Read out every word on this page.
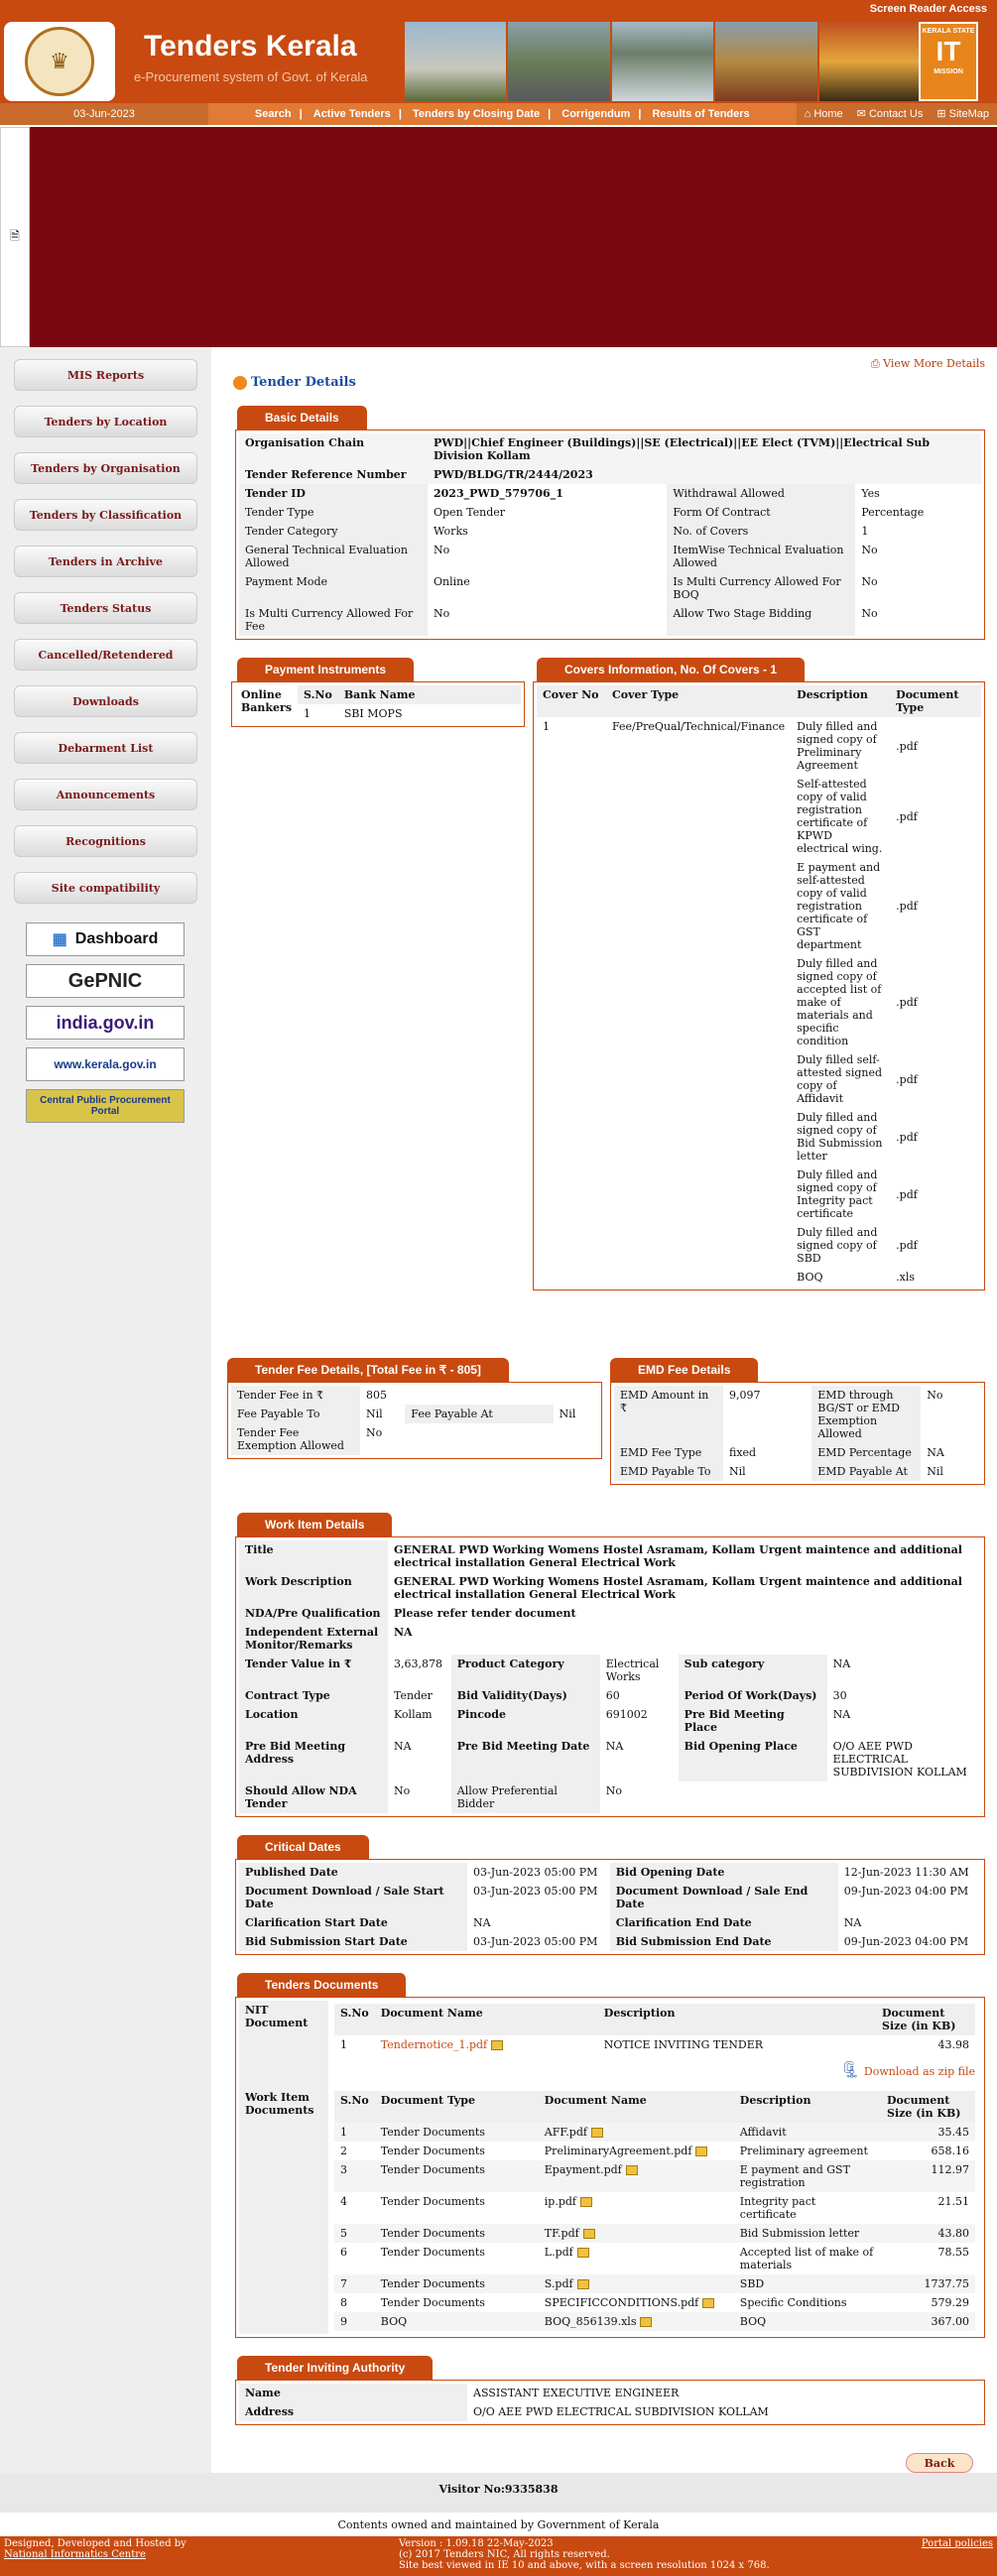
Screen Reader Access
♛	Tenders Kerala
e-Procurement system of Govt. of Kerala
KERALA STATE
IT
MISSION
03-Jun-2023	Search | Active Tenders | Tenders by Closing Date | Corrigendum | Results of Tenders	⌂ Home ✉ Contact Us ⊞ SiteMap
🗎
MIS Reports
Tenders by Location
Tenders by Organisation
Tenders by Classification
Tenders in Archive
Tenders Status
Cancelled/Retendered
Downloads
Debarment List
Announcements
Recognitions
Site compatibility
▦ Dashboard
GePNIC
india.gov.in
www.kerala.gov.in
Central Public Procurement Portal
⎙ View More Details
Tender Details
Basic Details
Organisation Chain	PWD||Chief Engineer (Buildings)||SE (Electrical)||EE Elect (TVM)||Electrical Sub Division Kollam		
Tender Reference Number	PWD/BLDG/TR/2444/2023		
Tender ID	2023_PWD_579706_1	Withdrawal Allowed	Yes
Tender Type	Open Tender	Form Of Contract	Percentage
Tender Category	Works	No. of Covers	1
General Technical Evaluation Allowed	No	ItemWise Technical Evaluation Allowed	No
Payment Mode	Online	Is Multi Currency Allowed For BOQ	No
Is Multi Currency Allowed For Fee	No	Allow Two Stage Bidding	No
Payment Instruments
Online Bankers	S.No	Bank Name
	1	SBI MOPS
Covers Information, No. Of Covers - 1
Cover No	Cover Type	Description	Document Type
1	Fee/PreQual/Technical/Finance	Duly filled and signed copy of Preliminary Agreement	.pdf
		Self-attested copy of valid registration certificate of KPWD electrical wing.	.pdf
		E payment and self-attested copy of valid registration certificate of GST department	.pdf
		Duly filled and signed copy of accepted list of make of materials and specific condition	.pdf
		Duly filled self-attested signed copy of Affidavit	.pdf
		Duly filled and signed copy of Bid Submission letter	.pdf
		Duly filled and signed copy of Integrity pact certificate	.pdf
		Duly filled and signed copy of SBD	.pdf
		BOQ	.xls
Tender Fee Details, [Total Fee in ₹ - 805]
Tender Fee in ₹	805		
Fee Payable To	Nil	Fee Payable At	Nil
Tender Fee Exemption Allowed	No		
EMD Fee Details
EMD Amount in ₹	9,097	EMD through BG/ST or EMD Exemption Allowed	No
EMD Fee Type	fixed	EMD Percentage	NA
EMD Payable To	Nil	EMD Payable At	Nil
Work Item Details
Title	GENERAL PWD Working Womens Hostel Asramam, Kollam Urgent maintence and additional electrical installation General Electrical Work				
Work Description	GENERAL PWD Working Womens Hostel Asramam, Kollam Urgent maintence and additional electrical installation General Electrical Work				
NDA/Pre Qualification	Please refer tender document				
Independent External Monitor/Remarks	NA				
Tender Value in ₹	3,63,878	Product Category	Electrical Works	Sub category	NA
Contract Type	Tender	Bid Validity(Days)	60	Period Of Work(Days)	30
Location	Kollam	Pincode	691002	Pre Bid Meeting Place	NA
Pre Bid Meeting Address	NA	Pre Bid Meeting Date	NA	Bid Opening Place	O/O AEE PWD ELECTRICAL SUBDIVISION KOLLAM
Should Allow NDA Tender	No	Allow Preferential Bidder	No		
Critical Dates
Published Date	03-Jun-2023 05:00 PM	Bid Opening Date	12-Jun-2023 11:30 AM
Document Download / Sale Start Date	03-Jun-2023 05:00 PM	Document Download / Sale End Date	09-Jun-2023 04:00 PM
Clarification Start Date	NA	Clarification End Date	NA
Bid Submission Start Date	03-Jun-2023 05:00 PM	Bid Submission End Date	09-Jun-2023 04:00 PM
Tenders Documents
NIT Document	
S.No	Document Name	Description	Document Size (in KB)
1	Tendernotice_1.pdf	NOTICE INVITING TENDER	43.98
🗜 Download as zip file

Work Item Documents	
S.No	Document Type	Document Name	Description	Document Size (in KB)
1	Tender Documents	AFF.pdf	Affidavit	35.45
2	Tender Documents	PreliminaryAgreement.pdf	Preliminary agreement	658.16
3	Tender Documents	Epayment.pdf	E payment and GST registration	112.97
4	Tender Documents	ip.pdf	Integrity pact certificate	21.51
5	Tender Documents	TF.pdf	Bid Submission letter	43.80
6	Tender Documents	L.pdf	Accepted list of make of materials	78.55
7	Tender Documents	S.pdf	SBD	1737.75
8	Tender Documents	SPECIFICCONDITIONS.pdf	Specific Conditions	579.29
9	BOQ	BOQ_856139.xls	BOQ	367.00
Tender Inviting Authority
Name	ASSISTANT EXECUTIVE ENGINEER
Address	O/O AEE PWD ELECTRICAL SUBDIVISION KOLLAM
Back
Visitor No:9335838
Contents owned and maintained by Government of Kerala
Designed, Developed and Hosted by
National Informatics Centre
Version : 1.09.18 22-May-2023
(c) 2017 Tenders NIC, All rights reserved.
Site best viewed in IE 10 and above, with a screen resolution 1024 x 768.
Portal policies
